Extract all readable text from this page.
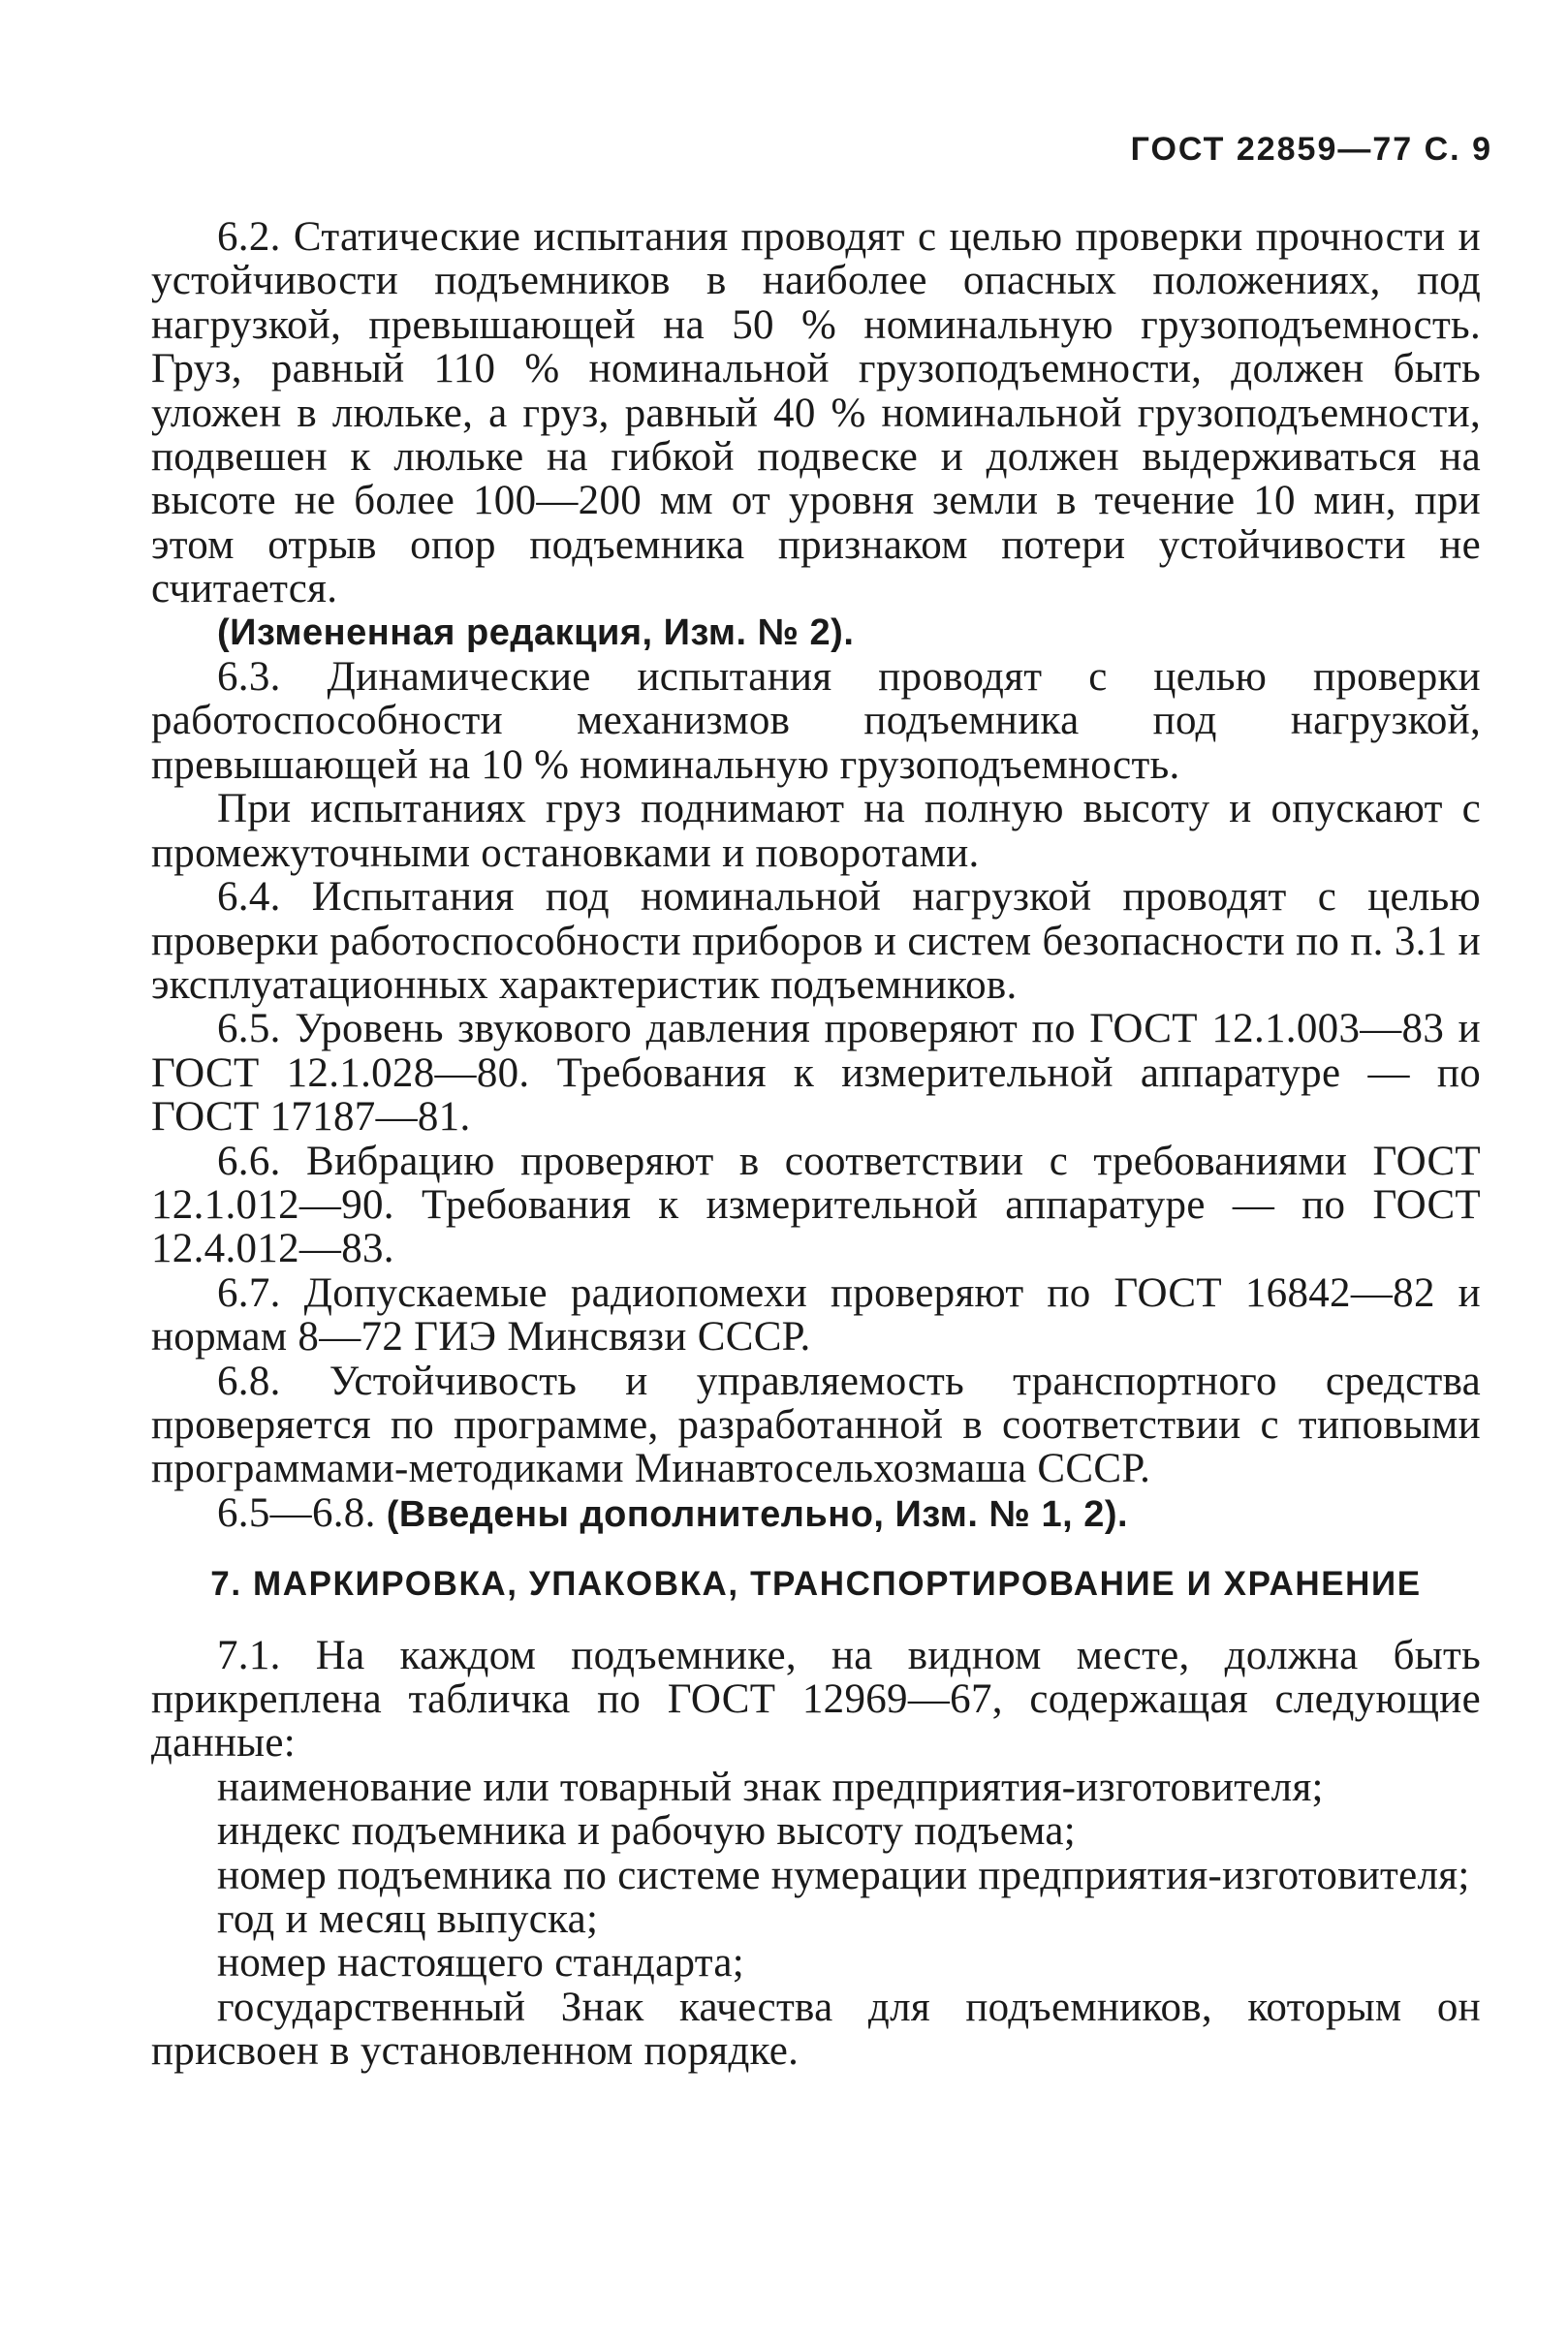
ГОСТ 22859—77 С. 9

6.2. Статические испытания проводят с целью проверки прочности и устойчивости подъемников в наиболее опасных положениях, под нагрузкой, превышающей на 50 % номинальную грузоподъемность. Груз, равный 110 % номинальной грузоподъемности, должен быть уложен в люльке, а груз, равный 40 % номинальной грузоподъемности, подвешен к люльке на гибкой подвеске и должен выдерживаться на высоте не более 100—200 мм от уровня земли в течение 10 мин, при этом отрыв опор подъемника признаком потери устойчивости не считается.

(Измененная редакция, Изм. № 2).

6.3. Динамические испытания проводят с целью проверки работоспособности механизмов подъемника под нагрузкой, превышающей на 10 % номинальную грузоподъемность.

При испытаниях груз поднимают на полную высоту и опускают с промежуточными остановками и поворотами.

6.4. Испытания под номинальной нагрузкой проводят с целью проверки работоспособности приборов и систем безопасности по п. 3.1 и эксплуатационных характеристик подъемников.

6.5. Уровень звукового давления проверяют по ГОСТ 12.1.003—83 и ГОСТ 12.1.028—80. Требования к измерительной аппаратуре — по ГОСТ 17187—81.

6.6. Вибрацию проверяют в соответствии с требованиями ГОСТ 12.1.012—90. Требования к измерительной аппаратуре — по ГОСТ 12.4.012—83.

6.7. Допускаемые радиопомехи проверяют по ГОСТ 16842—82 и нормам 8—72 ГИЭ Минсвязи СССР.

6.8. Устойчивость и управляемость транспортного средства проверяется по программе, разработанной в соответствии с типовыми программами-методиками Минавтосельхозмаша СССР.

6.5—6.8. (Введены дополнительно, Изм. № 1, 2).

7. МАРКИРОВКА, УПАКОВКА, ТРАНСПОРТИРОВАНИЕ И ХРАНЕНИЕ

7.1. На каждом подъемнике, на видном месте, должна быть прикреплена табличка по ГОСТ 12969—67, содержащая следующие данные:

наименование или товарный знак предприятия-изготовителя;

индекс подъемника и рабочую высоту подъема;

номер подъемника по системе нумерации предприятия-изготовителя;

год и месяц выпуска;

номер настоящего стандарта;

государственный Знак качества для подъемников, которым он присвоен в установленном порядке.
